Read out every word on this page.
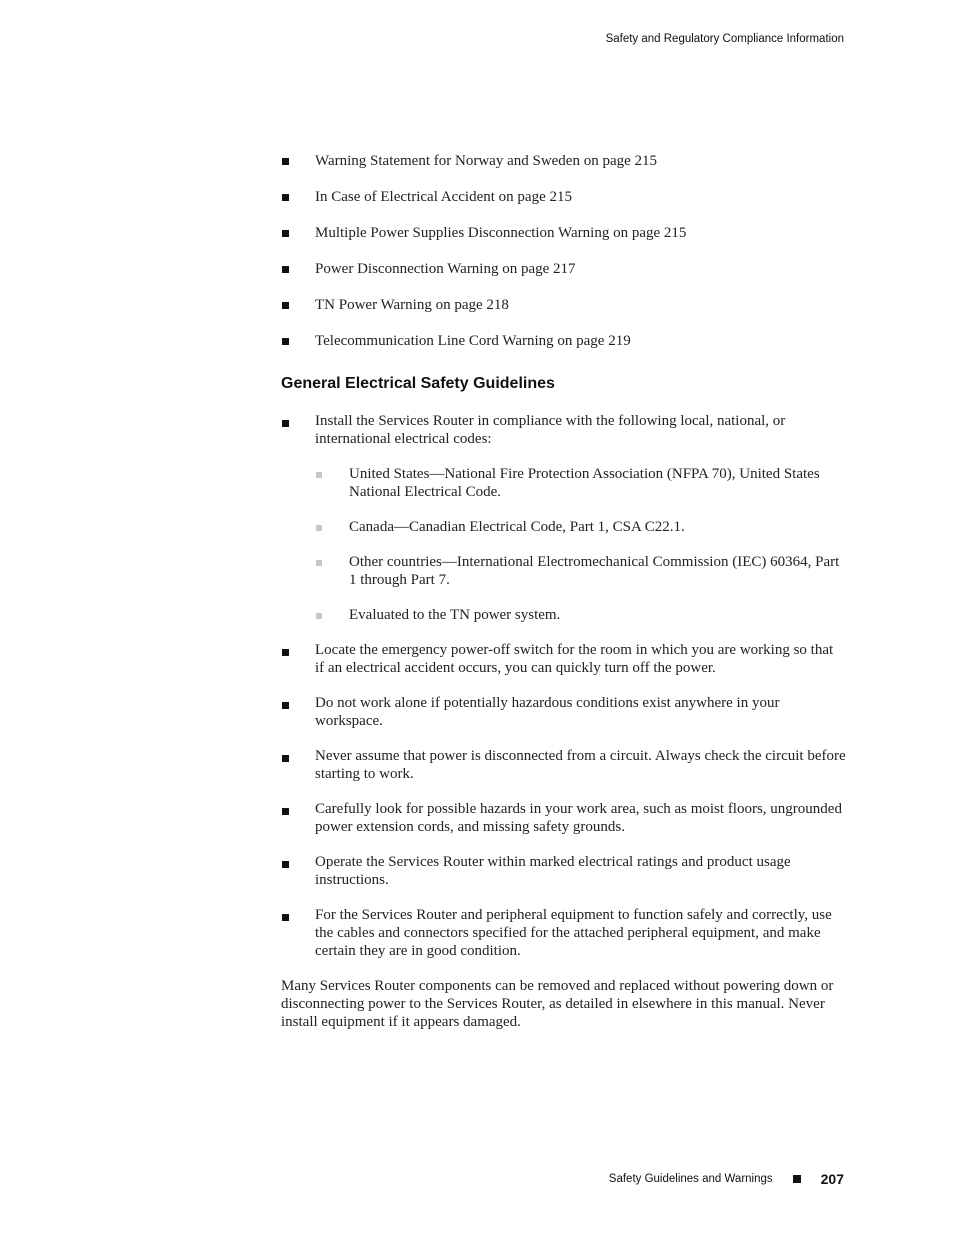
Safety and Regulatory Compliance Information
Warning Statement for Norway and Sweden on page 215
In Case of Electrical Accident on page 215
Multiple Power Supplies Disconnection Warning on page 215
Power Disconnection Warning on page 217
TN Power Warning on page 218
Telecommunication Line Cord Warning on page 219
General Electrical Safety Guidelines
Install the Services Router in compliance with the following local, national, or international electrical codes:
United States—National Fire Protection Association (NFPA 70), United States National Electrical Code.
Canada—Canadian Electrical Code, Part 1, CSA C22.1.
Other countries—International Electromechanical Commission (IEC) 60364, Part 1 through Part 7.
Evaluated to the TN power system.
Locate the emergency power-off switch for the room in which you are working so that if an electrical accident occurs, you can quickly turn off the power.
Do not work alone if potentially hazardous conditions exist anywhere in your workspace.
Never assume that power is disconnected from a circuit. Always check the circuit before starting to work.
Carefully look for possible hazards in your work area, such as moist floors, ungrounded power extension cords, and missing safety grounds.
Operate the Services Router within marked electrical ratings and product usage instructions.
For the Services Router and peripheral equipment to function safely and correctly, use the cables and connectors specified for the attached peripheral equipment, and make certain they are in good condition.

Many Services Router components can be removed and replaced without powering down or disconnecting power to the Services Router, as detailed in elsewhere in this manual. Never install equipment if it appears damaged.

Safety Guidelines and Warnings	207
